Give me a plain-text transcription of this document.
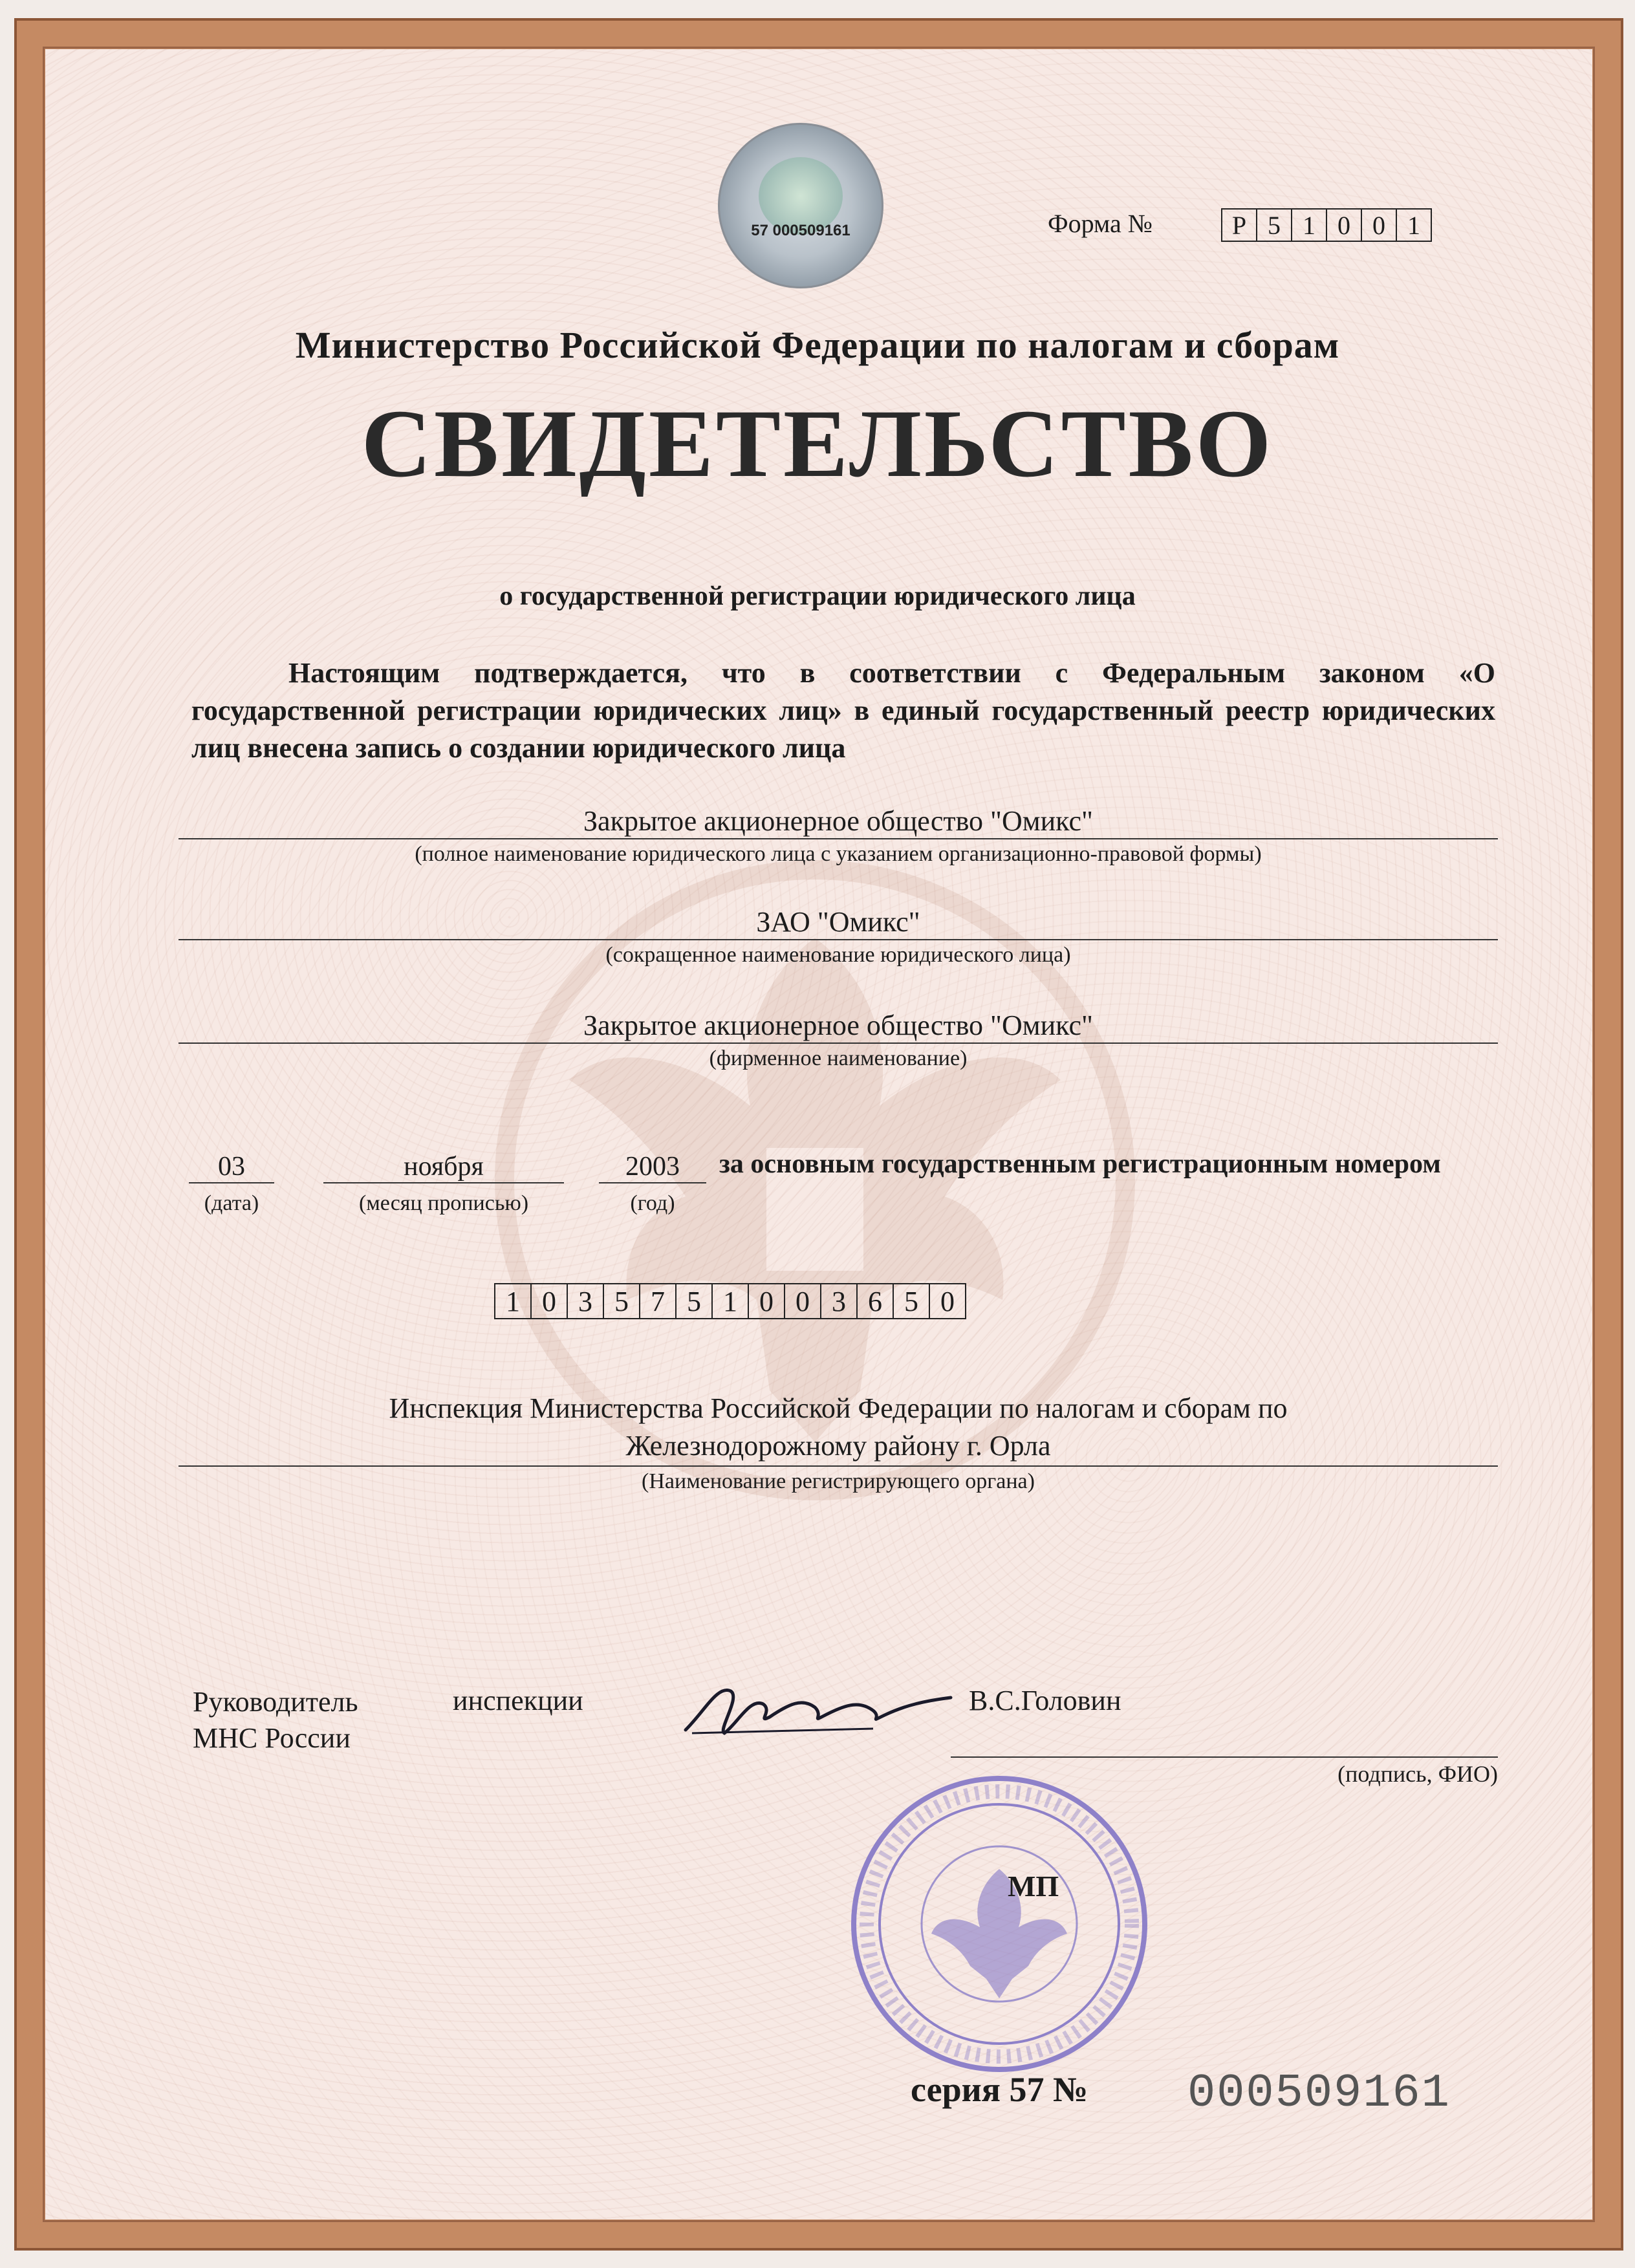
57 000509161	Форма №	Р 5 1 0 0 1
Министерство Российской Федерации по налогам и сборам
СВИДЕТЕЛЬСТВО
о государственной регистрации юридического лица
Настоящим подтверждается, что в соответствии с Федеральным законом «О государственной регистрации юридических лиц» в единый государственный реестр юридических лиц внесена запись о создании юридического лица
Закрытое акционерное общество "Омикс"
(полное наименование юридического лица с указанием организационно-правовой формы)
ЗАО "Омикс"
(сокращенное наименование юридического лица)
Закрытое акционерное общество "Омикс"
(фирменное наименование)
03
(дата)
ноября
(месяц прописью)
2003
(год)
за основным государственным регистрационным номером
1 0 3 5 7 5 1 0 0 3 6 5 0
Инспекция Министерства Российской Федерации по налогам и сборам по
Железнодорожному району г. Орла
(Наименование регистрирующего органа)
Руководитель
МНС России
инспекции	В.С.Головин
(подпись, ФИО)
МП
серия 57 № 000509161
